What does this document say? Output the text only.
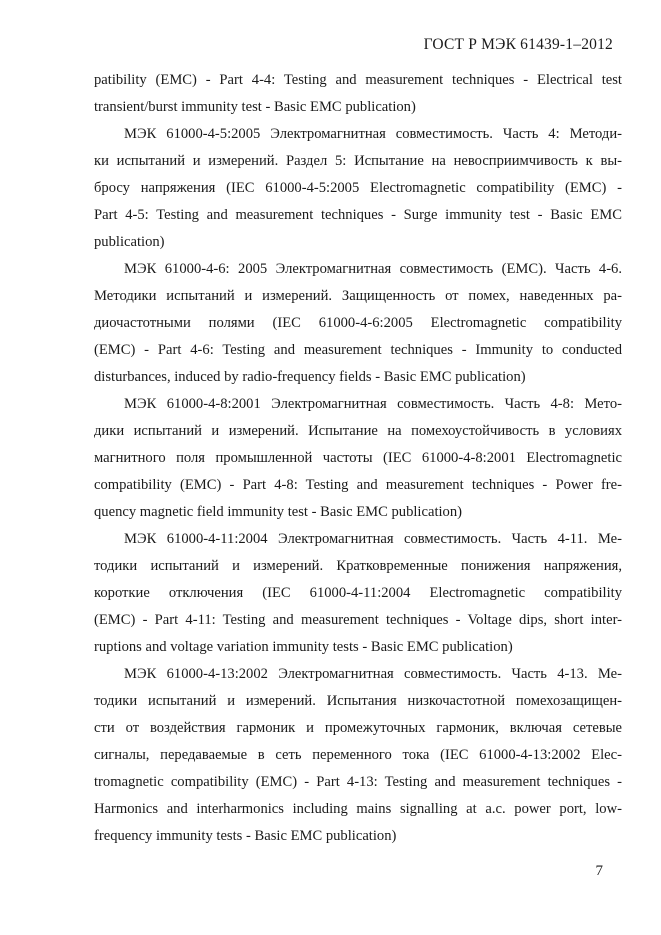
ГОСТ Р МЭК 61439-1–2012
patibility (EMC) - Part 4-4: Testing and measurement techniques - Electrical test
transient/burst immunity test - Basic EMC publication)
МЭК 61000-4-5:2005 Электромагнитная совместимость. Часть 4: Методи-
ки испытаний и измерений. Раздел 5: Испытание на невосприимчивость к вы-
бросу напряжения (IEC 61000-4-5:2005 Electromagnetic compatibility (EMC) -
Part 4-5: Testing and measurement techniques - Surge immunity test - Basic EMC
publication)
МЭК 61000-4-6: 2005 Электромагнитная совместимость (EMC). Часть 4-6.
Методики испытаний и измерений. Защищенность от помех, наведенных ра-
диочастотными полями (IEC 61000-4-6:2005 Electromagnetic compatibility
(EMC) - Part 4-6: Testing and measurement techniques - Immunity to conducted
disturbances, induced by radio-frequency fields - Basic EMC publication)
МЭК 61000-4-8:2001 Электромагнитная совместимость. Часть 4-8: Мето-
дики испытаний и измерений. Испытание на помехоустойчивость в условиях
магнитного поля промышленной частоты (IEC 61000-4-8:2001 Electromagnetic
compatibility (EMC) - Part 4-8: Testing and measurement techniques - Power fre-
quency magnetic field immunity test - Basic EMC publication)
МЭК 61000-4-11:2004 Электромагнитная совместимость. Часть 4-11. Ме-
тодики испытаний и измерений. Кратковременные понижения напряжения,
короткие отключения (IEC 61000-4-11:2004 Electromagnetic compatibility
(EMC) - Part 4-11: Testing and measurement techniques - Voltage dips, short inter-
ruptions and voltage variation immunity tests - Basic EMC publication)
МЭК 61000-4-13:2002 Электромагнитная совместимость. Часть 4-13. Ме-
тодики испытаний и измерений. Испытания низкочастотной помехозащищен-
сти от воздействия гармоник и промежуточных гармоник, включая сетевые
сигналы, передаваемые в сеть переменного тока (IEC 61000-4-13:2002 Elec-
tromagnetic compatibility (EMC) - Part 4-13: Testing and measurement techniques -
Harmonics and interharmonics including mains signalling at a.c. power port, low-
frequency immunity tests - Basic EMC publication)
7
